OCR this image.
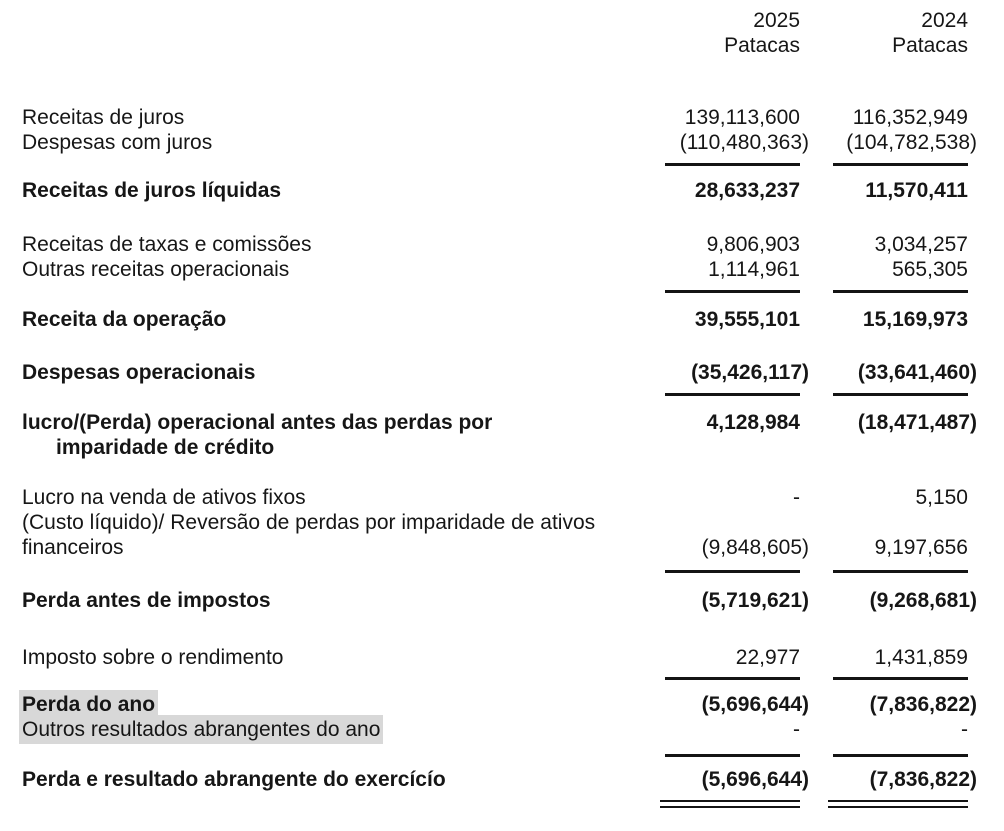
2025
Patacas
2024
Patacas
Receitas de juros	139,113,600	116,352,949
Despesas com juros	(110,480,363)	(104,782,538)
Receitas de juros líquidas	28,633,237	11,570,411
Receitas de taxas e comissões	9,806,903	3,034,257
Outras receitas operacionais	1,114,961	565,305
Receita da operação	39,555,101	15,169,973
Despesas operacionais	(35,426,117)	(33,641,460)
lucro/(Perda) operacional antes das perdas por
imparidade de crédito
4,128,984	(18,471,487)
Lucro na venda de ativos fixos	-	5,150
(Custo líquido)/ Reversão de perdas por imparidade de ativos financeiros	(9,848,605)	9,197,656
Perda antes de impostos	(5,719,621)	(9,268,681)
Imposto sobre o rendimento	22,977	1,431,859
Perda do ano	(5,696,644)	(7,836,822)
Outros resultados abrangentes do ano	-	-
Perda e resultado abrangente do exercícío	(5,696,644)	(7,836,822)
